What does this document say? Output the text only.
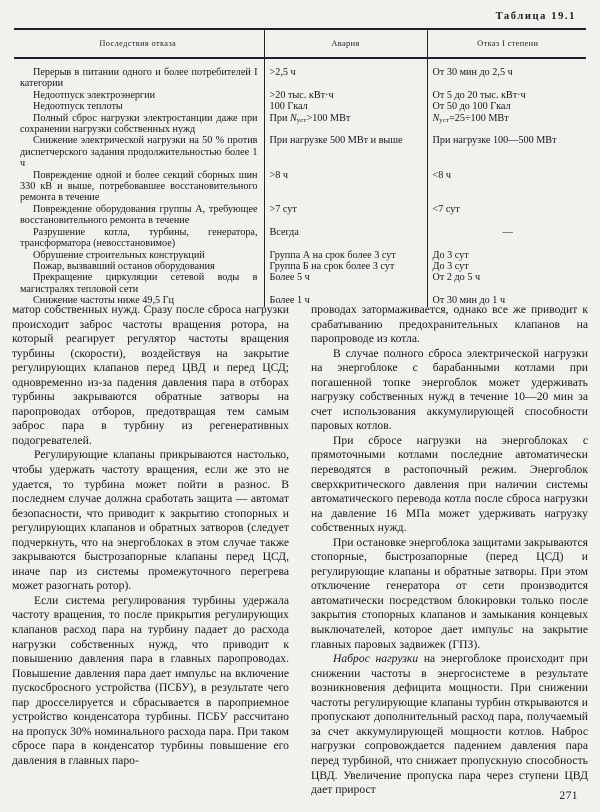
Таблица 19.1
Последствия отказа	Авария	Отказ I степени

Перерыв в питании одного и более потребителей I категории	>2,5 ч	От 30 мин до 2,5 ч

Недоотпуск электроэнергии	>20 тыс. кВт·ч	От 5 до 20 тыс. кВт·ч

Недоотпуск теплоты	100 Гкал	От 50 до 100 Гкал

Полный сброс нагрузки электростанции даже при сохранении нагрузки собственных нужд	При $N_{уст}>100$ МВт	$N_{уст}=25\div 100$ МВт

Снижение электрической нагрузки на 50 % против диспетчерского задания продолжительностью более 1 ч	При нагрузке 500 МВт и выше	При нагрузке 100—500 МВт

Повреждение одной и более секций сборных шин 330 кВ и выше, потребовавшее восстановительного ремонта в течение	>8 ч	<8 ч

Повреждение оборудования группы А, требующее восстановительного ремонта в течение	>7 сут	<7 сут

Разрушение котла, турбины, генератора, трансформатора (невосстановимое)	Всегда	—

Обрушение строительных конструкций	Группа А на срок более 3 сут	До 3 сут

Пожар, вызвавший останов оборудования	Группа Б на срок более 3 сут	До 3 сут

Прекращение циркуляции сетевой воды в магистралях тепловой сети	Более 5 ч	От 2 до 5 ч

Снижение частоты ниже 49,5 Гц	Более 1 ч	От 30 мин до 1 ч

матор собственных нужд. Сразу после сброса нагрузки происходит заброс частоты вращения ротора, на который реагирует регулятор частоты вращения турбины (скорости), воздействуя на закрытие регулирующих клапанов перед ЦВД и перед ЦСД; одновременно из-за падения давления пара в отборах турбины закрываются обратные затворы на паропроводах отборов, предотвращая тем самым заброс пара в турбину из регенеративных подогревателей.

Регулирующие клапаны прикрываются настолько, чтобы удержать частоту вращения, если же это не удается, то турбина может пойти в разнос. В последнем случае должна сработать защита — автомат безопасности, что приводит к закрытию стопорных и регулирующих клапанов и обратных затворов (следует подчеркнуть, что на энергоблоках в этом случае также закрываются быстрозапорные клапаны перед ЦСД, иначе пар из системы промежуточного перегрева может разогнать ротор).

Если система регулирования турбины удержала частоту вращения, то после прикрытия регулирующих клапанов расход пара на турбину падает до расхода нагрузки собственных нужд, что приводит к повышению давления пара в главных паропроводах. Повышение давления пара дает импульс на включение пускосбросного устройства (ПСБУ), в результате чего пар дросселируется и сбрасывается в пароприемное устройство конденсатора турбины. ПСБУ рассчитано на пропуск 30% номинального расхода пара. При таком сбросе пара в конденсатор турбины повышение его давления в главных паро-

проводах затормаживается, однако все же приводит к срабатыванию предохранительных клапанов на паропроводе из котла.

В случае полного сброса электрической нагрузки на энергоблоке с барабанными котлами при погашенной топке энергоблок может удерживать нагрузку собственных нужд в течение 10—20 мин за счет использования аккумулирующей способности паровых котлов.

При сбросе нагрузки на энергоблоках с прямоточными котлами последние автоматически переводятся в растопочный режим. Энергоблок сверхкритического давления при наличии системы автоматического перевода котла после сброса нагрузки на давление 16 МПа может удерживать нагрузку собственных нужд.

При остановке энергоблока защитами закрываются стопорные, быстрозапорные (перед ЦСД) и регулирующие клапаны и обратные затворы. При этом отключение генератора от сети производится автоматически посредством блокировки только после закрытия стопорных клапанов и замыкания концевых выключателей, которое дает импульс на закрытие главных паровых задвижек (ГПЗ).

Наброс нагрузки на энергоблоке происходит при снижении частоты в энергосистеме в результате возникновения дефицита мощности. При снижении частоты регулирующие клапаны турбин открываются и пропускают дополнительный расход пара, получаемый за счет аккумулирующей мощности котлов. Наброс нагрузки сопровождается падением давления пара перед турбиной, что снижает пропускную способность ЦВД. Увеличение пропуска пара через ступени ЦВД дает прирост	271
